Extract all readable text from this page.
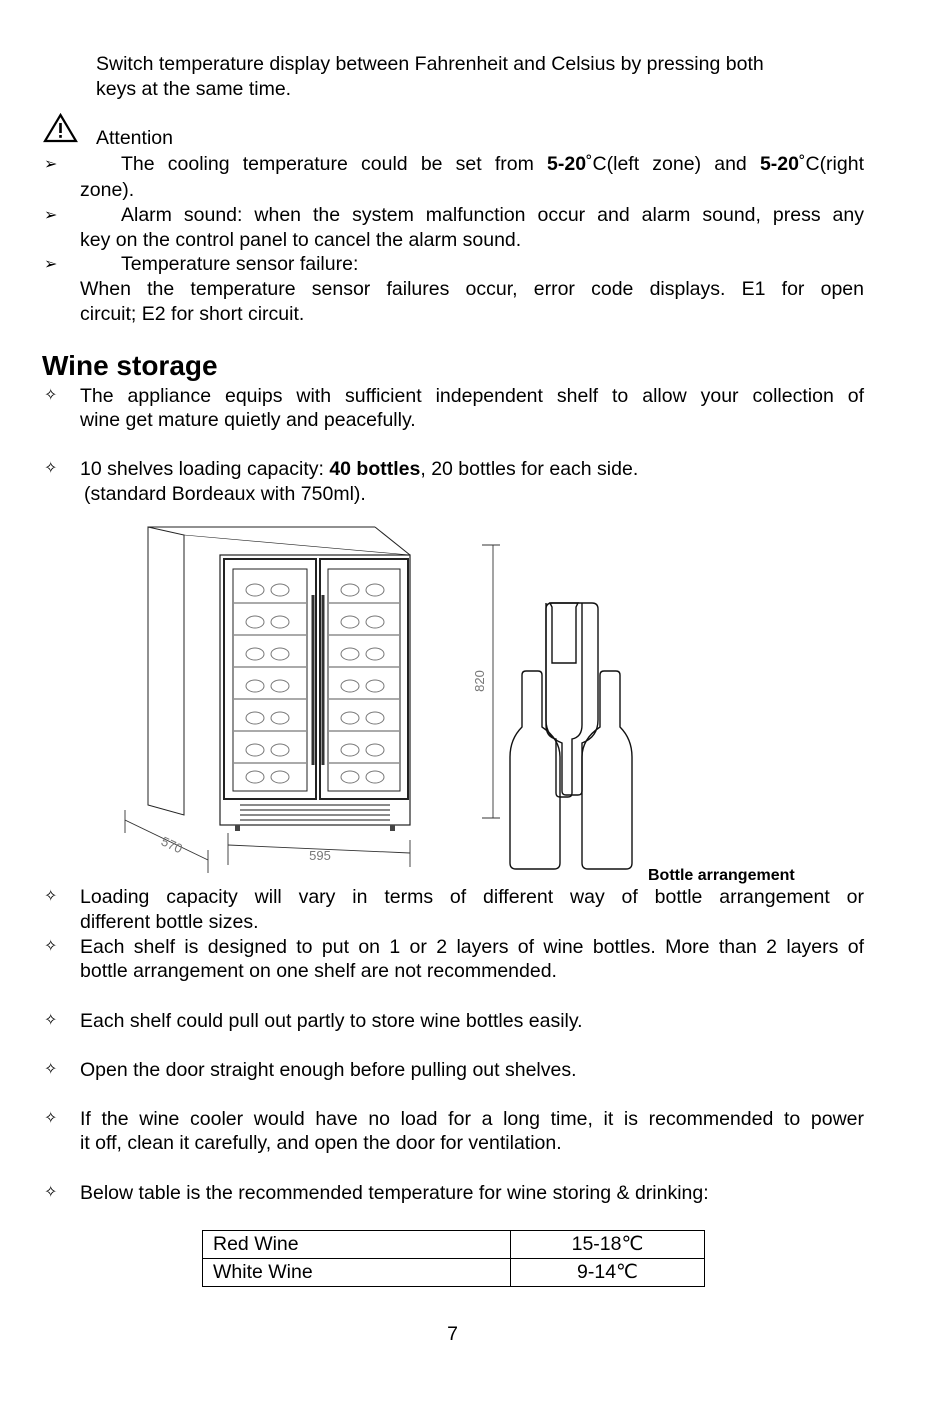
Switch temperature display between Fahrenheit and Celsius by pressing both
keys at the same time.
Attention
➢	The cooling temperature could be set from 5-20˚C(left zone) and 5-20˚C(right
zone).
➢	Alarm sound: when the system malfunction occur and alarm sound, press any
key on the control panel to cancel the alarm sound.
➢	Temperature sensor failure:
When the temperature sensor failures occur, error code displays. E1 for open
circuit; E2 for short circuit.
Wine storage
✧ The appliance equips with sufficient independent shelf to allow your collection of
wine get mature quietly and peacefully.
✧ 10 shelves loading capacity: 40 bottles, 20 bottles for each side.
(standard Bordeaux with 750ml).
820
595
570
Bottle arrangement
✧ Loading capacity will vary in terms of different way of bottle arrangement or
different bottle sizes.
✧ Each shelf is designed to put on 1 or 2 layers of wine bottles. More than 2 layers of
bottle arrangement on one shelf are not recommended.
✧ Each shelf could pull out partly to store wine bottles easily.
✧ Open the door straight enough before pulling out shelves.
✧ If the wine cooler would have no load for a long time, it is recommended to power
it off, clean it carefully, and open the door for ventilation.
✧ Below table is the recommended temperature for wine storing & drinking:
Red Wine	15-18℃
White Wine	9-14℃
7
